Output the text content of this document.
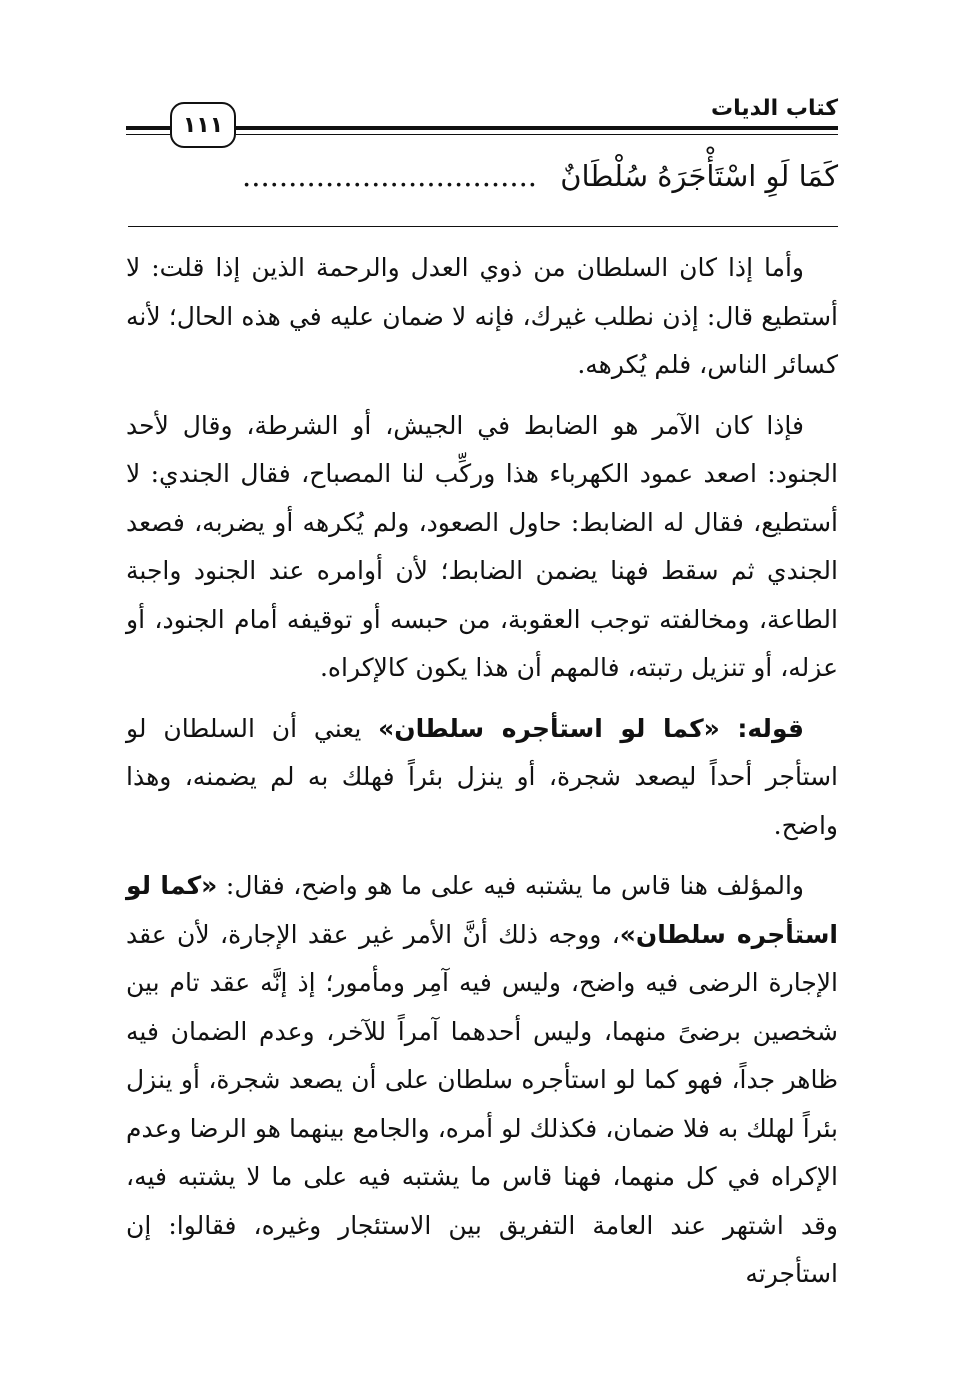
كتاب الديات
١١١
كَمَا لَوِ اسْتَأْجَرَهُ سُلْطَانٌ ................................

وأما إذا كان السلطان من ذوي العدل والرحمة الذين إذا قلت: لا أستطيع قال: إذن نطلب غيرك، فإنه لا ضمان عليه في هذه الحال؛ لأنه كسائر الناس، فلم يُكرهه.

فإذا كان الآمر هو الضابط في الجيش، أو الشرطة، وقال لأحد الجنود: اصعد عمود الكهرباء هذا وركِّب لنا المصباح، فقال الجندي: لا أستطيع، فقال له الضابط: حاول الصعود، ولم يُكرهه أو يضربه، فصعد الجندي ثم سقط فهنا يضمن الضابط؛ لأن أوامره عند الجنود واجبة الطاعة، ومخالفته توجب العقوبة، من حبسه أو توقيفه أمام الجنود، أو عزله، أو تنزيل رتبته، فالمهم أن هذا يكون كالإكراه.

قوله: «كما لو استأجره سلطان» يعني أن السلطان لو استأجر أحداً ليصعد شجرة، أو ينزل بئراً فهلك به لم يضمنه، وهذا واضح.

والمؤلف هنا قاس ما يشتبه فيه على ما هو واضح، فقال: «كما لو استأجره سلطان»، ووجه ذلك أنَّ الأمر غير عقد الإجارة، لأن عقد الإجارة الرضى فيه واضح، وليس فيه آمِر ومأمور؛ إذ إنَّه عقد تام بين شخصين برضىً منهما، وليس أحدهما آمراً للآخر، وعدم الضمان فيه ظاهر جداً، فهو كما لو استأجره سلطان على أن يصعد شجرة، أو ينزل بئراً لهلك به فلا ضمان، فكذلك لو أمره، والجامع بينهما هو الرضا وعدم الإكراه في كل منهما، فهنا قاس ما يشتبه فيه على ما لا يشتبه فيه، وقد اشتهر عند العامة التفريق بين الاستئجار وغيره، فقالوا: إن استأجرته
